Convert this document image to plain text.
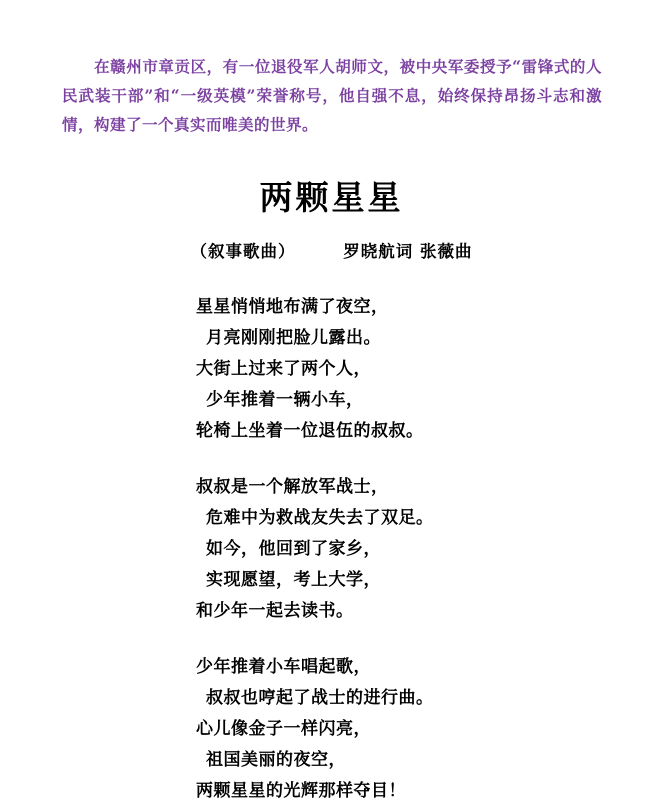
在赣州市章贡区，有一位退役军人胡师文，被中央军委授予“雷锋式的人民武装干部”和“一级英模”荣誉称号，他自强不息，始终保持昂扬斗志和激情，构建了一个真实而唯美的世界。
两颗星星
（叙事歌曲）	罗晓航词 张薇曲
星星悄悄地布满了夜空，
月亮刚刚把脸儿露出。
大街上过来了两个人，
少年推着一辆小车，
轮椅上坐着一位退伍的叔叔。
叔叔是一个解放军战士，
危难中为救战友失去了双足。
如今，他回到了家乡，
实现愿望，考上大学，
和少年一起去读书。
少年推着小车唱起歌，
叔叔也哼起了战士的进行曲。
心儿像金子一样闪亮，
祖国美丽的夜空，
两颗星星的光辉那样夺目！
